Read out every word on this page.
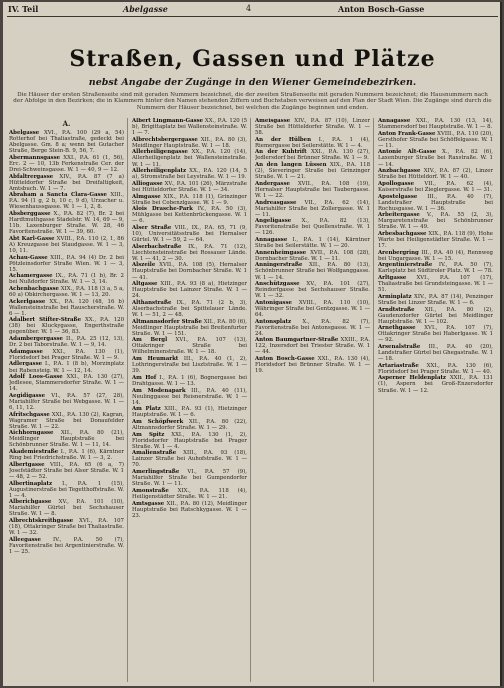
IV. Teil	Abelgasse	4	Anton Bosch-Gasse
Straßen, Gassen und Plätze
nebst Angabe der Zugänge in den Wiener Gemeindebezirken.
Die Häuser der ersten Straßenseite sind mit geraden Nummern bezeichnet, die der zweiten Straßenseite mit geraden Nummern bezeichnet; die Hausnummern nach der Abfolge in den Bezirken; die in Klammern hinter den Namen stehenden Ziffern und Buchstaben verweisen auf den Plan der Stadt Wien. Die Zugänge sind durch die Nummern der Häuser bezeichnet, bei welchen die Zugänge beginnen und enden.
A.
Abelgasse XVI., P.A. 100 (29 a, 54) Rotterhof bei Thaliastraße, gedeckt bei Abelgasse. Gm. 8 a; wenn bei Gutacher Straße, Berge Stein-B. 9, 56, 7.
Abermannsgasse XXI., P.A. 61 (1, 56), Erc. 2 — 10, 13b Ferkenstraße Cer. der Drei-Schweinsgasse. W. 1 — 40, 9 — 12.
Abfaltrergasse XIV., P.A. 87 (7 a) Hütteldorfer Straße bei Dreifaltigkeit, Amtsbuch. W. 1 — 7.
Abraham a Sancta Clara-Gasse XIII., P.A. 94 (1 g, 2 b, 10 c, 9 d), Urzacher u. Wiesenhaussgasse. W. 1 — 1, 2, 8.
Absberggasse X., P.A. 82 (7), Br. 2 bei Hardtmuthgasse Stadelstr. W. 14, 69 — 9, 11b. Laxenburger Straße. W. 28, 46 Favoritenstraße. W. 1 — 39, 60.
Abt Karl-Gasse XVIII., P.A. 110 (2, 1, 86 A) Kreuzgasse bei Staudgasse. W. 1 — 3, 10, 11.
Achau-Gasse XIII., P.A. 94 (4) Dr. 2 bei Pötzleinsdorfer Straße Wien. W. 1 — 3, 15.
Achamergasse IX., P.A. 71 (1 b), Br. 2 bei Nußdorfer Straße. W. 1 — 3, 14.
Achenbachgasse XIX., P.A. 118 (3 a, 5 a, 60 a) Obkirchergasse. W. 1 — 13, 20.
Ackerlgasse XX., P.A. 120 (48, 16 b) Wallensteinstraße bei Rauscherstraße. W. 6 — 1.
Adalbert Stifter-Straße XX., P.A. 120 (38) bei Kluckygasse, Engerthstraße gegenüber. W. 1 — 36, 83.
Adambergergasse II., P.A. 25 (12, 13), Dr. 2 bei Taborstraße. W. 1 — 9, 14.
Adamgasse XXI., P.A. 130 (1), Floridsdorf bei Prager Straße. W. 1 — 9.
Adlergasse I., P.A. 1 (8 b), Morzinplatz bei Rabensteig. W. 1 — 12, 14.
Adolf Loos-Gasse XXI., P.A. 130 (27), Jedlesee, Stammersdorfer Straße. W. 1 — 14.
Aegidigasse VI., P.A. 57 (27, 28), Mariahilfer Straße bei Webgasse. W. 1 — 6, 11, 12.
Afritschgasse XXI., P.A. 130 (2), Kagran, Wagramer Straße bei Donaufelder Straße. W. 1 — 22.
Aichhorngasse XII., P.A. 80 (21), Meidlinger Hauptstraße bei Schönbrunner Straße. W. 1 — 11, 14.
Akademiestraße I., P.A. 1 (6), Kärntner Ring bei Friedrichstraße. W. 1 — 3, 2.
Albertgasse VIII., P.A. 65 (6 a, 7) Josefstädter Straße bei Alser Straße. W. 1 — 48, 2 — 52.
Albertinaplatz I., P.A. 1 (15), Augustinerstraße bei Tegetthoffstraße. W. 1 — 4.
Alberichgasse XV., P.A. 101 (10), Mariahilfer Gürtel bei Sechshauser Straße. W. 1 — 8.
Albrechtskreithgasse XVI., P.A. 107 (18), Ottakringer Straße bei Thaliastraße. W. 1 — 32.
Alleegasse IV., P.A. 50 (7), Favoritenstraße bei Argentinierstraße. W. 1 — 25.
Albert Lingmann-Gasse XX., P.A. 120 (5 b), Brigittaplatz bei Wallensteinstraße. W. 1 — 7.
Albrechtsbergergasse XII., P.A. 80 (3), Meidlinger Hauptstraße. W. 1 — 18.
Allerheiligengasse XX., P.A. 120 (14), Allerheiligenplatz bei Wallensteinstraße. W. 1 — 11.
Allerheiligenplatz XX., P.A. 120 (14, 5 a), Stromstraße bei Leystraße. W. 1 — 19.
Alliogasse XV., P.A. 101 (26), Märzstraße bei Hütteldorfer Straße. W. 1 — 34.
Almgasse XIX., P.A. 118 (1), Grinzinger Straße bei Cobenzlgasse. W. 1 — 9.
Alois Drasche-Park IV., P.A. 50 (3), Mühlgasse bei Kettenbrückengasse. W. 1 — 6.
Alser Straße VIII., IX., P.A. 65, 71 (9, 10), Universitätsstraße bei Hernalser Gürtel. W. 1 — 59, 2 — 64.
Alserbachstraße IX., P.A. 71 (12), Liechtensteinstraße bei Rossauer Lände. W. 1 — 41, 2 — 30.
Alszeile XVII., P.A. 108 (5), Hernalser Hauptstraße bei Dornbacher Straße. W. 1 — 41.
Altgasse XIII., P.A. 93 (8 a), Hietzinger Hauptstraße bei Lainzer Straße. W. 1 — 24.
Althanstraße IX., P.A. 71 (2 b, 3), Alserbachstraße bei Spittelauer Lände. W. 1 — 51, 2 — 48.
Altmannsdorfer Straße XII., P.A. 80 (6), Meidlinger Hauptstraße bei Breitenfurter Straße. W. 1 — 151.
Am Bergl XVI., P.A. 107 (13), Ottakringer Straße bei Wilhelminenstraße. W. 1 — 18.
Am Heumarkt III., P.A. 40 (1, 2), Lothringerstraße bei Lisztstraße. W. 1 — 39.
Am Hof I., P.A. 1 (6), Bognergasse bei Drahtgasse. W. 1 — 13.
Am Modenapark III., P.A. 40 (11), Neulinggasse bei Reisnerstraße. W. 1 — 14.
Am Platz XIII., P.A. 93 (1), Hietzinger Hauptstraße. W. 1 — 6.
Am Schöpfwerk XII., P.A. 80 (22), Altmannsdorfer Straße. W. 1 — 29.
Am Spitz XXI., P.A. 130 (1, 2), Floridsdorfer Hauptstraße bei Prager Straße. W. 1 — 4.
Amalienstraße XIII., P.A. 93 (18), Lainzer Straße bei Auhofstraße. W. 1 — 70.
Amerlingstraße VI., P.A. 57 (9), Mariahilfer Straße bei Gumpendorfer Straße. W. 1 — 11.
Amonstraße XIX., P.A. 118 (4), Heiligenstädter Straße. W. 1 — 21.
Amtsgasse XII., P.A. 80 (12), Meidlinger Hauptstraße bei Ratschkygasse. W. 1 — 23.
Ameisgasse XIV., P.A. 87 (10), Linzer Straße bei Hütteldorfer Straße. W. 1 — 58.
An der Hülben I., P.A. 1 (4), Riemergasse bei Seilerstätte. W. 1 — 4.
An der Kuhtrift XXI., P.A. 130 (27), Jedlersdorf bei Brünner Straße. W. 1 — 9.
An den langen Lüssen XIX., P.A. 118 (2), Sieveringer Straße bei Grinzinger Straße. W. 1 — 21.
Andergasse XVII., P.A. 108 (19), Hernalser Hauptstraße bei Taubergasse. W. 1 — 22.
Andreasgasse VII., P.A. 62 (14), Mariahilfer Straße bei Zollergasse. W. 1 — 11.
Angeligasse X., P.A. 82 (13), Favoritenstraße bei Quellenstraße. W. 1 — 126.
Annagasse I., P.A. 1 (14), Kärntner Straße bei Seilerstätte. W. 1 — 20.
Annenheimgasse XVII., P.A. 108 (28), Dornbacher Straße. W. 1 — 11.
Anningerstraße XII., P.A. 80 (13), Schönbrunner Straße bei Wolfganggasse. W. 1 — 14.
Anschützgasse XV., P.A. 101 (27), Reindorfgasse bei Sechshauser Straße. W. 1 — 32.
Antonigasse XVIII., P.A. 110 (10), Währinger Straße bei Gentzgasse. W. 1 — 64.
Antonsplatz X., P.A. 82 (7), Favoritenstraße bei Antonsgasse. W. 1 — 24.
Anton Baumgartner-Straße XXIII., P.A. 122, Inzersdorf bei Triester Straße. W. 1 — 44.
Anton Bosch-Gasse XXI., P.A. 130 (4), Floridsdorf bei Brünner Straße. W. 1 — 19.
Annagasse XXI., P.A. 130 (13, 14), Stammersdorf bei Hauptstraße. W. 1 — 8.
Anton Frank-Gasse XVIII., P.A. 110 (20), Gersthofer Straße bei Schöffelgasse. W. 1 — 11.
Antonie Alt-Gasse X., P.A. 82 (6), Laxenburger Straße bei Raxstraße. W. 1 — 14.
Anzbachgasse XIV., P.A. 87 (2), Linzer Straße bei Hütteldorf. W. 1 — 40.
Apollogasse VII., P.A. 62 (4), Kaiserstraße bei Zieglergasse. W. 1 — 31.
Apostelgasse III., P.A. 40 (7), Landstraßer Hauptstraße bei Rochusgasse. W. 1 — 36.
Arbeitergasse V., P.A. 55 (2, 3), Margaretenstraße bei Schönbrunner Straße. W. 1 — 49.
Arbesbachgasse XIX., P.A. 118 (9), Hohe Warte bei Heiligenstädter Straße. W. 1 — 17.
Arenbergring III., P.A. 40 (4), Rennweg bei Ungargasse. W. 1 — 15.
Argentinierstraße IV., P.A. 50 (7), Karlsplatz bei Südtiroler Platz. W. 1 — 78.
Arltgasse XVI., P.A. 107 (17), Thaliastraße bei Grundsteingasse. W. 1 — 51.
Arminplatz XIV., P.A. 87 (14), Penzinger Straße bei Linzer Straße. W. 1 — 6.
Arndtstraße XII., P.A. 80 (2), Gaudenzdorfer Gürtel bei Meidlinger Hauptstraße. W. 1 — 102.
Arnethgasse XVI., P.A. 107 (7), Ottakringer Straße bei Haberlgasse. W. 1 — 92.
Arsenalstraße III., P.A. 40 (20), Landstraßer Gürtel bei Ghegastraße. W. 1 — 18.
Artariastraße XXI., P.A. 130 (6), Floridsdorf bei Prager Straße. W. 1 — 40.
Asperner Heldenplatz XXII., P.A. 131 (1), Aspern bei Groß-Enzersdorfer Straße. W. 1 — 12.
